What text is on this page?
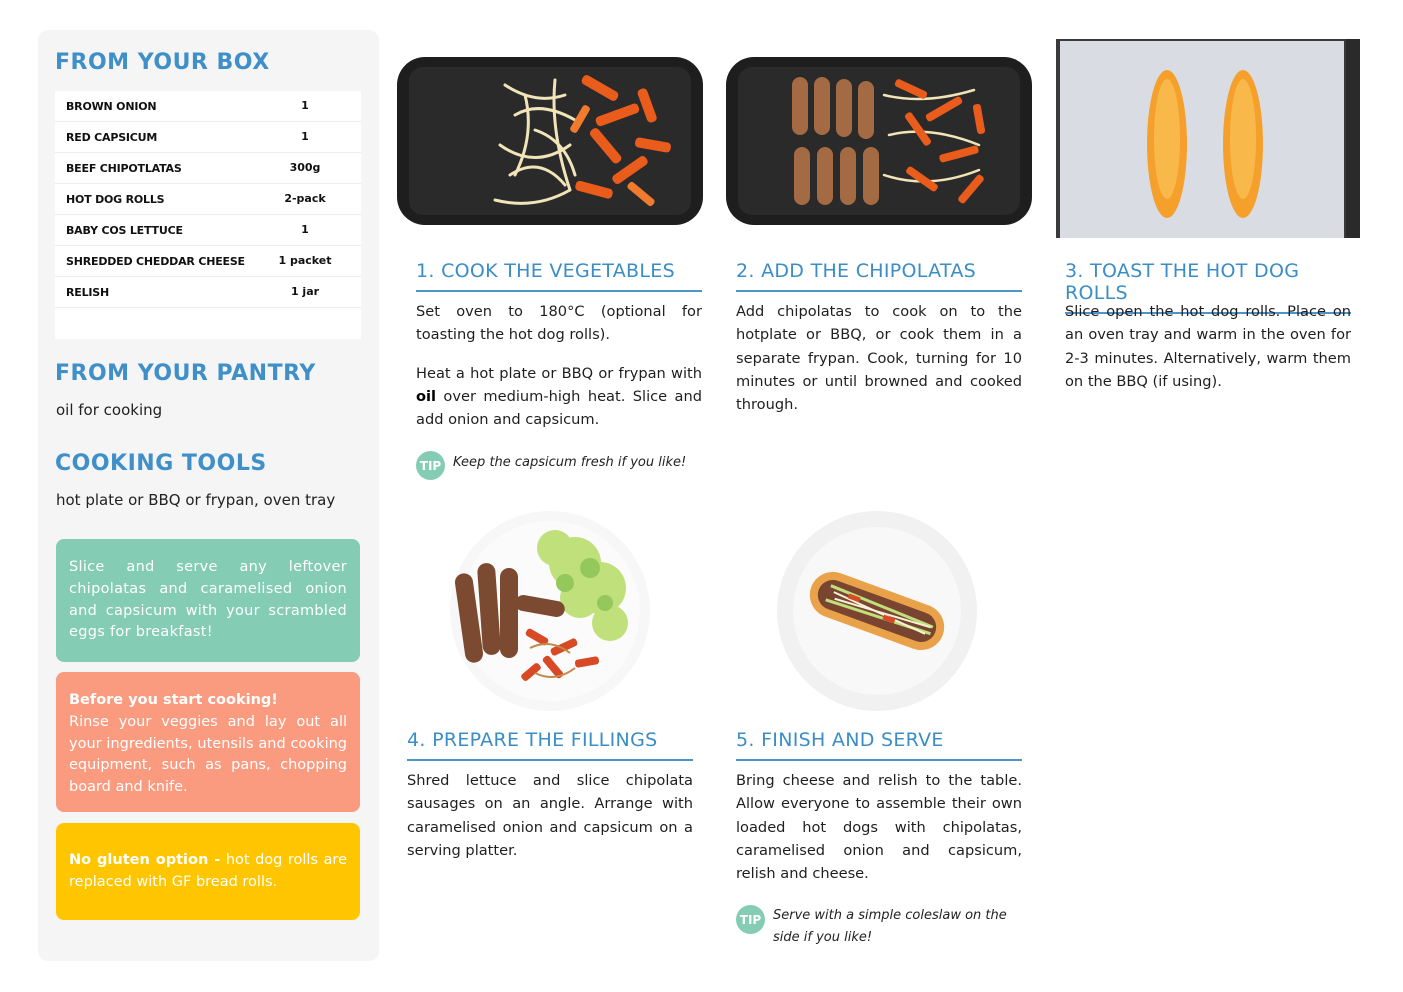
FROM YOUR BOX
BROWN ONION	1
RED CAPSICUM	1
BEEF CHIPOTLATAS	300g
HOT DOG ROLLS	2-pack
BABY COS LETTUCE	1
SHREDDED CHEDDAR CHEESE	1 packet
RELISH	1 jar
FROM YOUR PANTRY
oil for cooking
COOKING TOOLS
hot plate or BBQ or frypan, oven tray
Slice and serve any leftover chipolatas and caramelised onion and capsicum with your scrambled eggs for breakfast!
Before you start cooking!
Rinse your veggies and lay out all your ingredients, utensils and cooking equipment, such as pans, chopping board and knife.
No gluten option - hot dog rolls are replaced with GF bread rolls.
1. COOK THE VEGETABLES

Set oven to 180°C (optional for toasting the hot dog rolls).

Heat a hot plate or BBQ or frypan with oil over medium-high heat. Slice and add onion and capsicum.

TIP Keep the capsicum fresh if you like!
2. ADD THE CHIPOLATAS

Add chipolatas to cook on to the hotplate or BBQ, or cook them in a separate frypan. Cook, turning for 10 minutes or until browned and cooked through.

3. TOAST THE HOT DOG ROLLS

Slice open the hot dog rolls. Place on an oven tray and warm in the oven for 2-3 minutes. Alternatively, warm them on the BBQ (if using).

4. PREPARE THE FILLINGS

Shred lettuce and slice chipolata sausages on an angle. Arrange with caramelised onion and capsicum on a serving platter.

5. FINISH AND SERVE

Bring cheese and relish to the table. Allow everyone to assemble their own loaded hot dogs with chipolatas, caramelised onion and capsicum, relish and cheese.

TIP Serve with a simple coleslaw on the side if you like!
